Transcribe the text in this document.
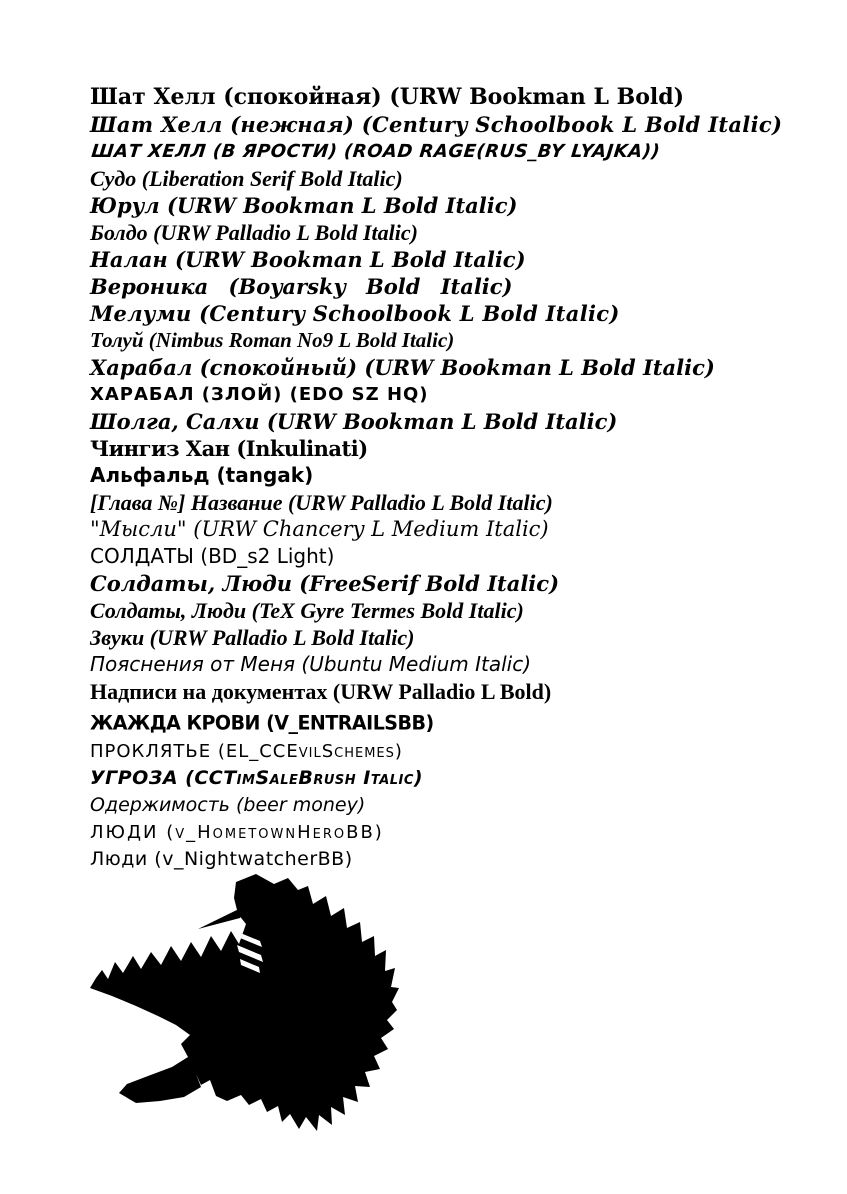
Шат Хелл (спокойная) (URW Bookman L Bold)
Шат Хелл (нежная) (Century Schoolbook L Bold Italic)
ШАТ ХЕЛЛ (В ЯРОСТИ) (ROAD RAGE(RUS_BY LYAJKA))
Судо (Liberation Serif Bold Italic)
Юрул (URW Bookman L Bold Italic)
Болдо (URW Palladio L Bold Italic)
Налан (URW Bookman L Bold Italic)
Вероника (Boyarsky Bold Italic)
Мелуми (Century Schoolbook L Bold Italic)
Толуй (Nimbus Roman No9 L Bold Italic)
Харабал (спокойный) (URW Bookman L Bold Italic)
ХАРАБАЛ (ЗЛОЙ) (EDO SZ HQ)
Шолга, Салхи (URW Bookman L Bold Italic)
Чингиз Хан (Inkulinati)
Альфальд (tangak)
[Глава №] Название (URW Palladio L Bold Italic)
"Мысли" (URW Chancery L Medium Italic)
СОЛДАТЫ (BD_s2 Light)
Солдаты, Люди (FreeSerif Bold Italic)
Солдаты, Люди (TeX Gyre Termes Bold Italic)
Звуки (URW Palladio L Bold Italic)
Пояснения от Меня (Ubuntu Medium Italic)
Надписи на документах (URW Palladio L Bold)
ЖАЖДА КРОВИ (V_ENTRAILSBB)
ПРОКЛЯТЬЕ (EL_CCEvilSchemes)
УГРОЗА (CCTimSaleBrush Italic)
Одержимость (beer money)
ЛЮДИ (v_HometownHeroBB)
Люди (v_NightwatcherBB)
